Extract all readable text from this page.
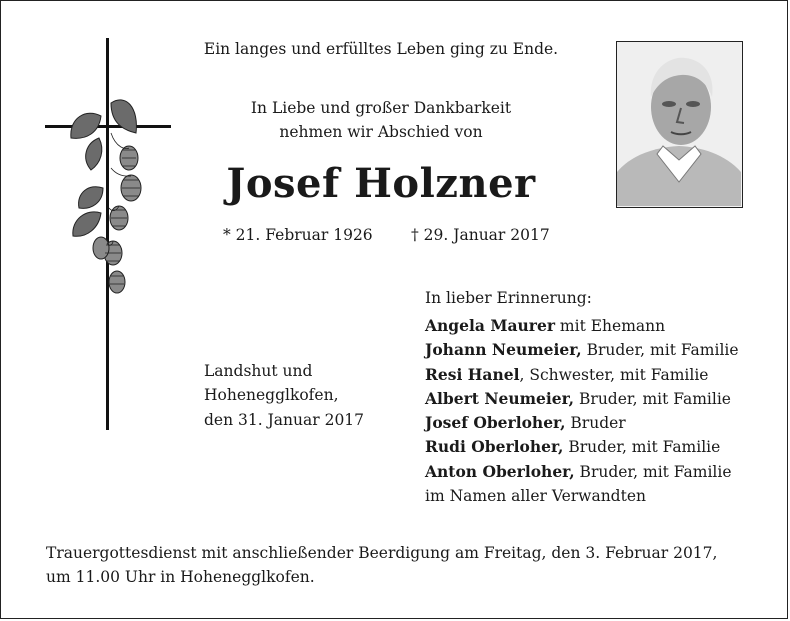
Ein langes und erfülltes Leben ging zu Ende.
In Liebe und großer Dankbarkeit
nehmen wir Abschied von
Josef Holzner
* 21. Februar 1926 † 29. Januar 2017
In lieber Erinnerung:
Landshut und
Hohenegglkofen,
den 31. Januar 2017
Angela Maurer mit Ehemann
Johann Neumeier, Bruder, mit Familie
Resi Hanel, Schwester, mit Familie
Albert Neumeier, Bruder, mit Familie
Josef Oberloher, Bruder
Rudi Oberloher, Bruder, mit Familie
Anton Oberloher, Bruder, mit Familie
im Namen aller Verwandten
Trauergottesdienst mit anschließender Beerdigung am Freitag, den 3. Februar 2017,
um 11.00 Uhr in Hohenegglkofen.
